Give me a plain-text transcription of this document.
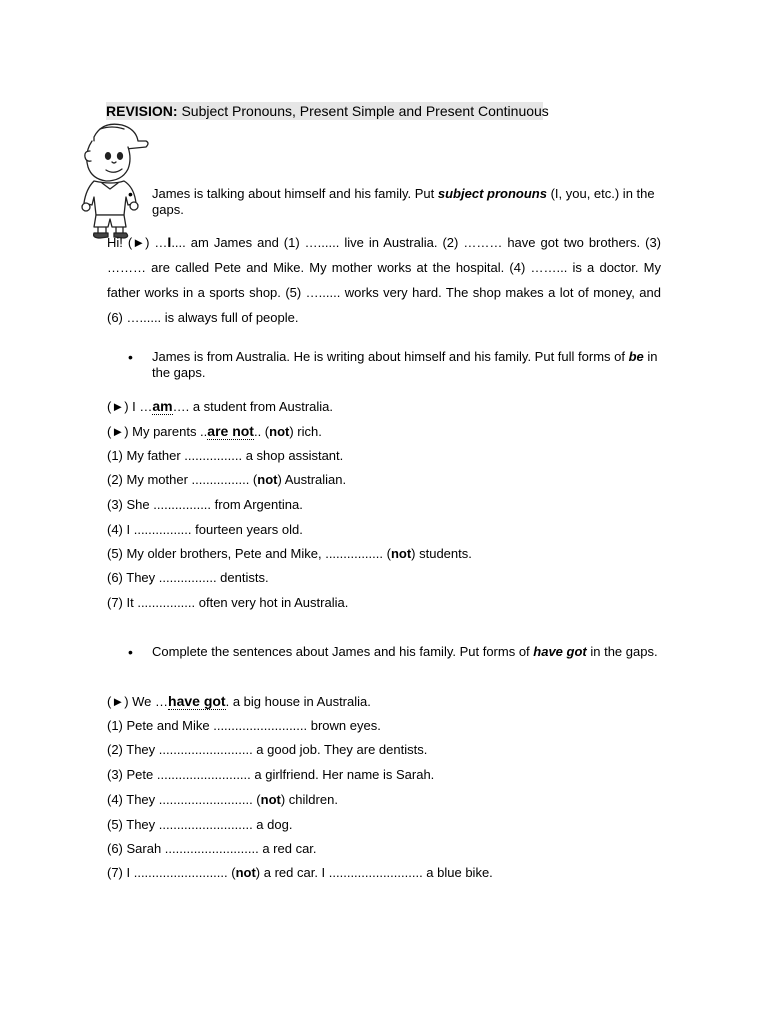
REVISION: Subject Pronouns, Present Simple and Present Continuous
• James is talking about himself and his family. Put subject pronouns (I, you, etc.) in the gaps.
Hi! (►) …I.... am James and (1) …...... live in Australia. (2) ……… have got two brothers. (3) ……… are called Pete and Mike. My mother works at the hospital. (4) ……... is a doctor. My father works in a sports shop. (5) …...... works very hard. The shop makes a lot of money, and (6) …...... is always full of people.
• James is from Australia. He is writing about himself and his family. Put full forms of be in the gaps.
(►) I …am…. a student from Australia.
(►) My parents ..are not.. (not) rich.
(1) My father ................ a shop assistant.
(2) My mother ................ (not) Australian.
(3) She ................ from Argentina.
(4) I ................ fourteen years old.
(5) My older brothers, Pete and Mike, ................ (not) students.
(6) They ................ dentists.
(7) It ................ often very hot in Australia.
• Complete the sentences about James and his family. Put forms of have got in the gaps.
(►) We …have got. a big house in Australia.
(1) Pete and Mike .......................... brown eyes.
(2) They .......................... a good job. They are dentists.
(3) Pete .......................... a girlfriend. Her name is Sarah.
(4) They .......................... (not) children.
(5) They .......................... a dog.
(6) Sarah .......................... a red car.
(7) I .......................... (not) a red car. I .......................... a blue bike.
